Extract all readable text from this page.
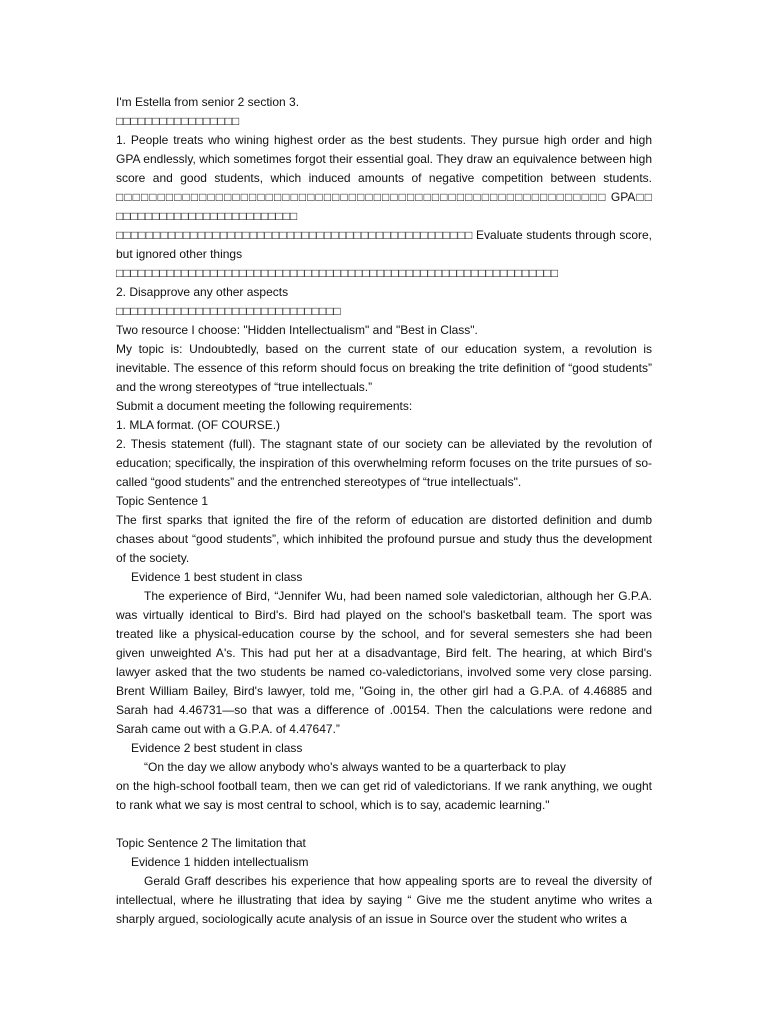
I'm Estella from senior 2 section 3.

□□□□□□□□□□□□□□□□□

1. People treats who wining highest order as the best students. They pursue high order and high GPA endlessly, which sometimes forgot their essential goal. They draw an equivalence between high score and good students, which induced amounts of negative competition between students. □□□□□□□□□□□□□□□□□□□□□□□□□□□□□□□□□□□□□□□□□□□□□□□□□□□□□□□□□□□ GPA□□ □□□□□□□□□□□□□□□□□□□□□□□□□

□□□□□□□□□□□□□□□□□□□□□□□□□□□□□□□□□□□□□□□□□□□□□□□□ Evaluate students through score, but ignored other things

□□□□□□□□□□□□□□□□□□□□□□□□□□□□□□□□□□□□□□□□□□□□□□□□□□□□□□□□□□□□□

2. Disapprove any other aspects

□□□□□□□□□□□□□□□□□□□□□□□□□□□□□□□

Two resource I choose: "Hidden Intellectualism" and "Best in Class".

My topic is: Undoubtedly, based on the current state of our education system, a revolution is inevitable. The essence of this reform should focus on breaking the trite definition of “good students” and the wrong stereotypes of “true intellectuals.”

Submit a document meeting the following requirements:

1. MLA format. (OF COURSE.)

2. Thesis statement (full). The stagnant state of our society can be alleviated by the revolution of education; specifically, the inspiration of this overwhelming reform focuses on the trite pursues of so-called “good students” and the entrenched stereotypes of “true intellectuals".

Topic Sentence 1

The first sparks that ignited the fire of the reform of education are distorted definition and dumb chases about “good students”, which inhibited the profound pursue and study thus the development of the society.

Evidence 1 best student in class

The experience of Bird, “Jennifer Wu, had been named sole valedictorian, although her G.P.A. was virtually identical to Bird's. Bird had played on the school's basketball team. The sport was treated like a physical-education course by the school, and for several semesters she had been given unweighted A's. This had put her at a disadvantage, Bird felt. The hearing, at which Bird's lawyer asked that the two students be named co-valedictorians, involved some very close parsing. Brent William Bailey, Bird's lawyer, told me, "Going in, the other girl had a G.P.A. of 4.46885 and Sarah had 4.46731—so that was a difference of .00154. Then the calculations were redone and Sarah came out with a G.P.A. of 4.47647.”

Evidence 2 best student in class

“On the day we allow anybody who's always wanted to be a quarterback to play

on the high-school football team, then we can get rid of valedictorians. If we rank anything, we ought to rank what we say is most central to school, which is to say, academic learning."

Topic Sentence 2 The limitation that

Evidence 1 hidden intellectualism

Gerald Graff describes his experience that how appealing sports are to reveal the diversity of intellectual, where he illustrating that idea by saying “ Give me the student anytime who writes a sharply argued, sociologically acute analysis of an issue in Source over the student who writes a
